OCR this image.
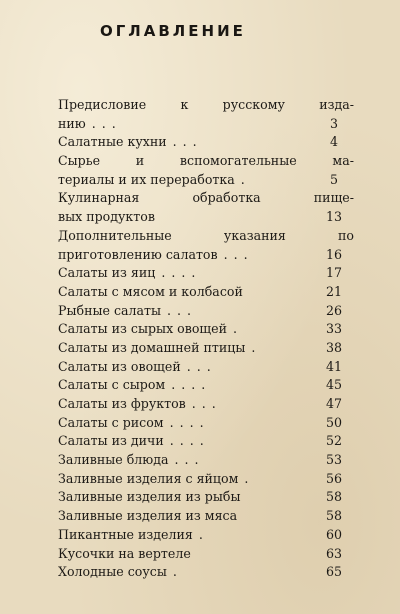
ОГЛАВЛЕНИЕ
Предисловие к русскому изда-
нию ...	3
Салатные кухни ...	4
Сырье и вспомогательные ма-
териалы и их переработка .	5
Кулинарная обработка пище-
вых продуктов	13
Дополнительные указания по
приготовлению салатов ...	16
Салаты из яиц ....	17
Салаты с мясом и колбасой	21
Рыбные салаты ...	26
Салаты из сырых овощей .	33
Салаты из домашней птицы .	38
Салаты из овощей ...	41
Салаты с сыром ....	45
Салаты из фруктов ...	47
Салаты с рисом ....	50
Салаты из дичи ....	52
Заливные блюда ...	53
Заливные изделия с яйцом .	56
Заливные изделия из рыбы	58
Заливные изделия из мяса	58
Пикантные изделия .	60
Кусочки на вертеле	63
Холодные соусы .	65
